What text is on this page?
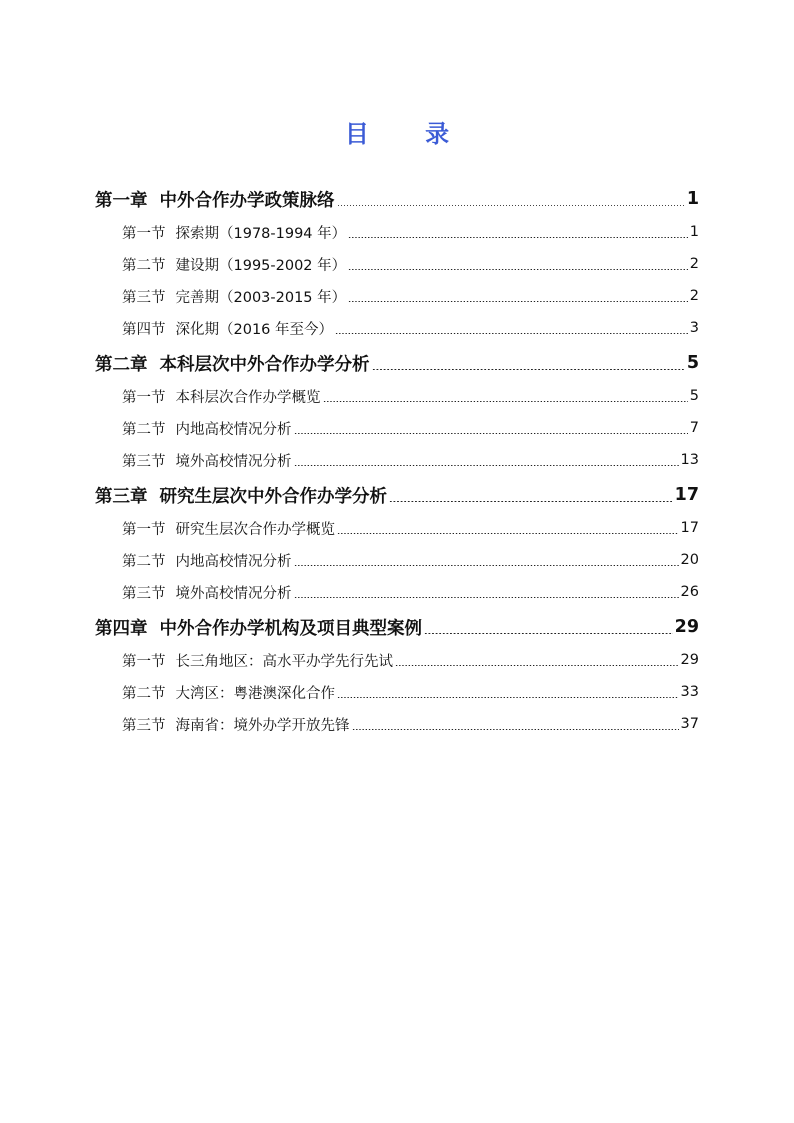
目 录
第一章 中外合作办学政策脉络	1
第一节 探索期（1978-1994 年）	1
第二节 建设期（1995-2002 年）	2
第三节 完善期（2003-2015 年）	2
第四节 深化期（2016 年至今）	3
第二章 本科层次中外合作办学分析	5
第一节 本科层次合作办学概览	5
第二节 内地高校情况分析	7
第三节 境外高校情况分析	13
第三章 研究生层次中外合作办学分析	17
第一节 研究生层次合作办学概览	17
第二节 内地高校情况分析	20
第三节 境外高校情况分析	26
第四章 中外合作办学机构及项目典型案例	29
第一节 长三角地区：高水平办学先行先试	29
第二节 大湾区：粤港澳深化合作	33
第三节 海南省：境外办学开放先锋	37
